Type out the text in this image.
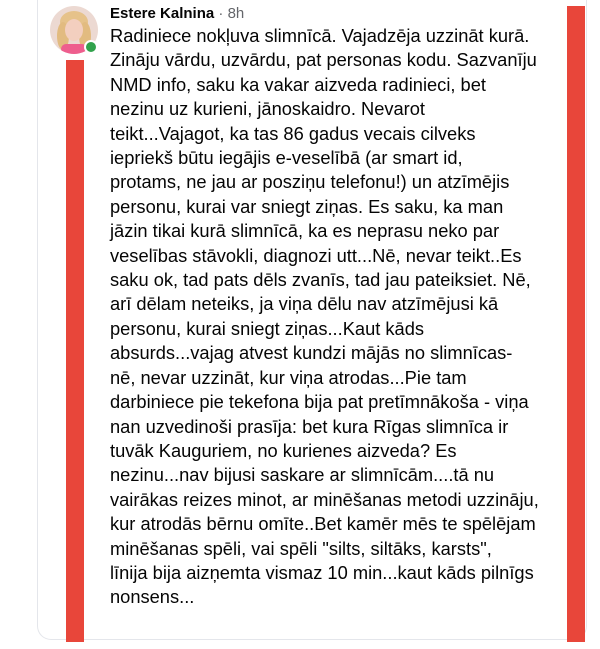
Estere Kalnina · 8h
Radiniece nokļuva slimnīcā. Vajadzēja uzzināt kurā.
Zināju vārdu, uzvārdu, pat personas kodu. Sazvanīju
NMD info, saku ka vakar aizveda radinieci, bet
nezinu uz kurieni, jānoskaidro. Nevarot
teikt...Vajagot, ka tas 86 gadus vecais cilveks
iepriekš būtu iegājis e-veselībā (ar smart id,
protams, ne jau ar posziņu telefonu!) un atzīmējis
personu, kurai var sniegt ziņas. Es saku, ka man
jāzin tikai kurā slimnīcā, ka es neprasu neko par
veselības stāvokli, diagnozi utt...Nē, nevar teikt..Es
saku ok, tad pats dēls zvanīs, tad jau pateiksiet. Nē,
arī dēlam neteiks, ja viņa dēlu nav atzīmējusi kā
personu, kurai sniegt ziņas...Kaut kāds
absurds...vajag atvest kundzi mājās no slimnīcas-
nē, nevar uzzināt, kur viņa atrodas...Pie tam
darbiniece pie tekefona bija pat pretīmnākoša - viņa
nan uzvedinoši prasīja: bet kura Rīgas slimnīca ir
tuvāk Kauguriem, no kurienes aizveda? Es
nezinu...nav bijusi saskare ar slimnīcām....tā nu
vairākas reizes minot, ar minēšanas metodi uzzināju,
kur atrodās bērnu omīte..Bet kamēr mēs te spēlējam
minēšanas spēli, vai spēli "silts, siltāks, karsts",
līnija bija aizņemta vismaz 10 min...kaut kāds pilnīgs
nonsens...
